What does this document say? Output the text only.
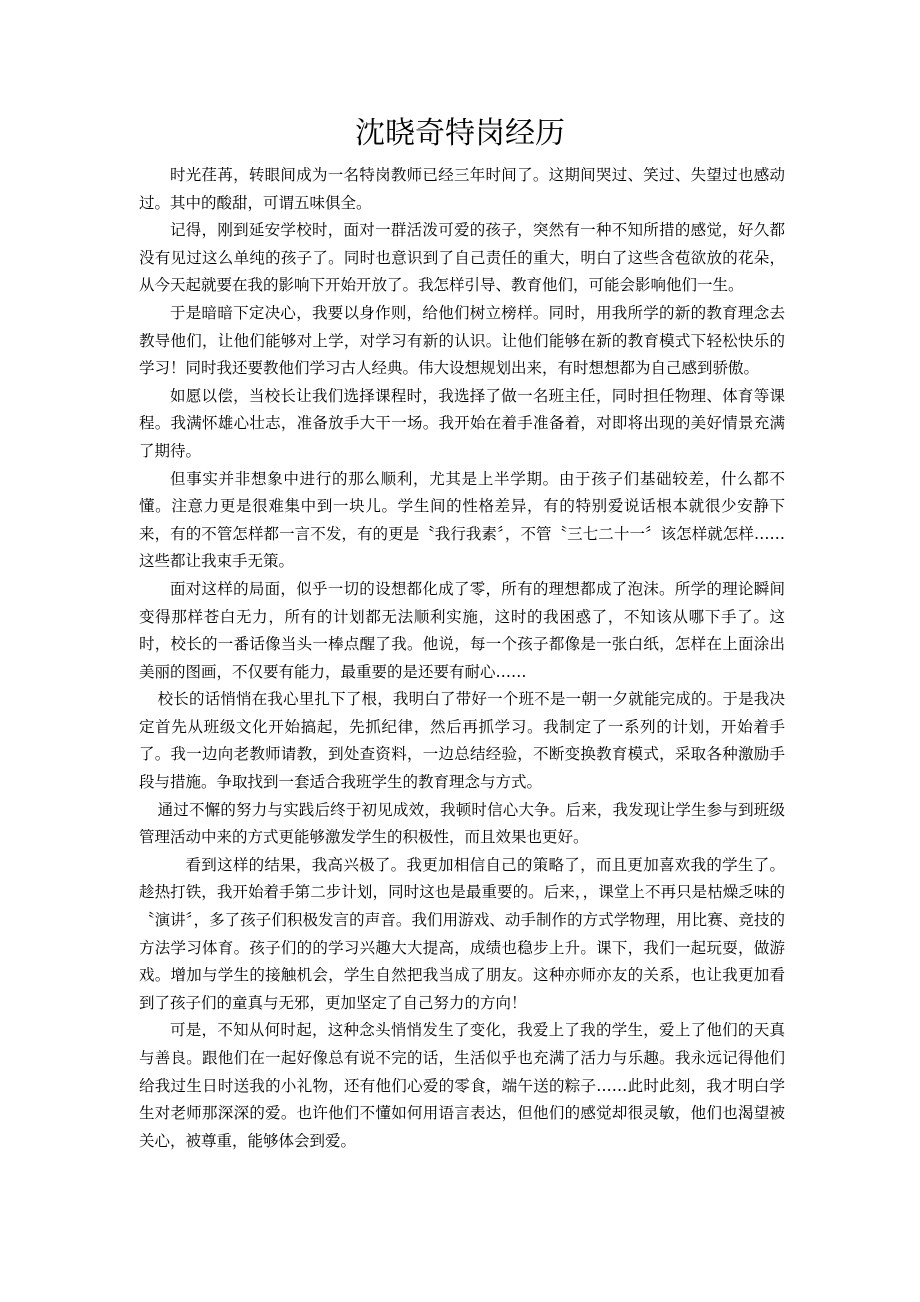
沈晓奇特岗经历

时光荏苒，转眼间成为一名特岗教师已经三年时间了。这期间哭过、笑过、失望过也感动过。其中的酸甜，可谓五味俱全。

记得，刚到延安学校时，面对一群活泼可爱的孩子，突然有一种不知所措的感觉，好久都没有见过这么单纯的孩子了。同时也意识到了自己责任的重大，明白了这些含苞欲放的花朵，从今天起就要在我的影响下开始开放了。我怎样引导、教育他们，可能会影响他们一生。

于是暗暗下定决心，我要以身作则，给他们树立榜样。同时，用我所学的新的教育理念去教导他们，让他们能够对上学，对学习有新的认识。让他们能够在新的教育模式下轻松快乐的学习！同时我还要教他们学习古人经典。伟大设想规划出来，有时想想都为自己感到骄傲。

如愿以偿，当校长让我们选择课程时，我选择了做一名班主任，同时担任物理、体育等课程。我满怀雄心壮志，准备放手大干一场。我开始在着手准备着，对即将出现的美好情景充满了期待。

但事实并非想象中进行的那么顺利，尤其是上半学期。由于孩子们基础较差，什么都不懂。注意力更是很难集中到一块儿。学生间的性格差异，有的特别爱说话根本就很少安静下来，有的不管怎样都一言不发，有的更是〝我行我素〞，不管〝三七二十一〞该怎样就怎样……这些都让我束手无策。

面对这样的局面，似乎一切的设想都化成了零，所有的理想都成了泡沫。所学的理论瞬间变得那样苍白无力，所有的计划都无法顺利实施，这时的我困惑了，不知该从哪下手了。这时，校长的一番话像当头一棒点醒了我。他说，每一个孩子都像是一张白纸，怎样在上面涂出美丽的图画，不仅要有能力，最重要的是还要有耐心……

校长的话悄悄在我心里扎下了根，我明白了带好一个班不是一朝一夕就能完成的。于是我决定首先从班级文化开始搞起，先抓纪律，然后再抓学习。我制定了一系列的计划，开始着手了。我一边向老教师请教，到处查资料，一边总结经验，不断变换教育模式，采取各种激励手段与措施。争取找到一套适合我班学生的教育理念与方式。

通过不懈的努力与实践后终于初见成效，我顿时信心大争。后来，我发现让学生参与到班级管理活动中来的方式更能够激发学生的积极性，而且效果也更好。

看到这样的结果，我高兴极了。我更加相信自己的策略了，而且更加喜欢我的学生了。趁热打铁，我开始着手第二步计划，同时这也是最重要的。后来，，课堂上不再只是枯燥乏味的〝演讲〞，多了孩子们积极发言的声音。我们用游戏、动手制作的方式学物理，用比赛、竞技的方法学习体育。孩子们的的学习兴趣大大提高，成绩也稳步上升。课下，我们一起玩耍，做游戏。增加与学生的接触机会，学生自然把我当成了朋友。这种亦师亦友的关系，也让我更加看到了孩子们的童真与无邪，更加坚定了自己努力的方向！

可是，不知从何时起，这种念头悄悄发生了变化，我爱上了我的学生，爱上了他们的天真与善良。跟他们在一起好像总有说不完的话，生活似乎也充满了活力与乐趣。我永远记得他们给我过生日时送我的小礼物，还有他们心爱的零食，端午送的粽子……此时此刻，我才明白学生对老师那深深的爱。也许他们不懂如何用语言表达，但他们的感觉却很灵敏，他们也渴望被关心，被尊重，能够体会到爱。
